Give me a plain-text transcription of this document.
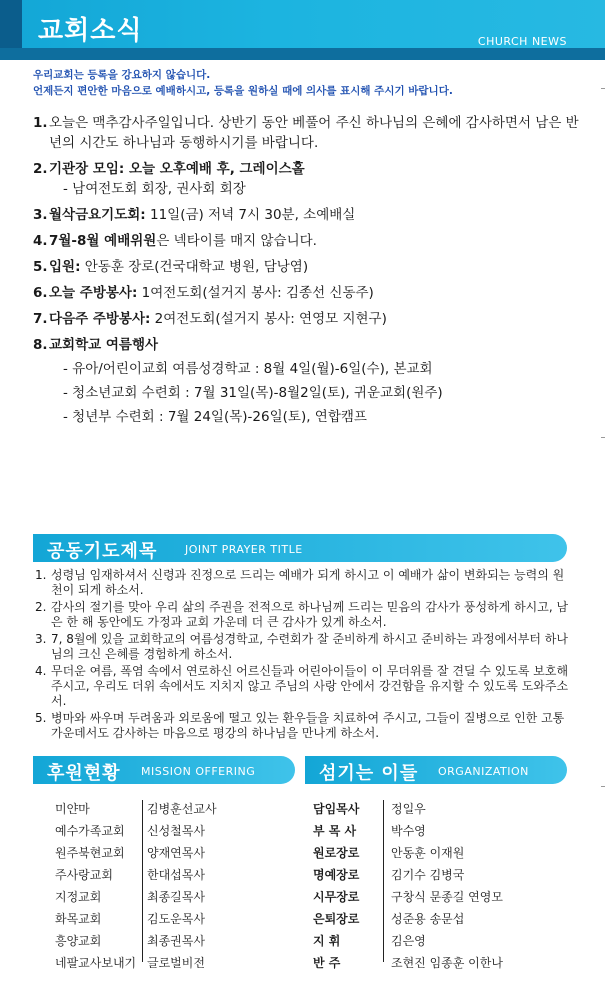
교회소식	CHURCH NEWS
우리교회는 등록을 강요하지 않습니다.
언제든지 편안한 마음으로 예배하시고, 등록을 원하실 때에 의사를 표시해 주시기 바랍니다.
1. 오늘은 맥추감사주일입니다. 상반기 동안 베풀어 주신 하나님의 은혜에 감사하면서 남은 반 년의 시간도 하나님과 동행하시기를 바랍니다.
2. 기관장 모임: 오늘 오후예배 후, 그레이스홀
- 남여전도회 회장, 권사회 회장
3. 월삭금요기도회: 11일(금) 저녁 7시 30분, 소예배실
4. 7월-8월 예배위원은 넥타이를 매지 않습니다.
5. 입원: 안동훈 장로(건국대학교 병원, 담낭염)
6. 오늘 주방봉사: 1여전도회(설거지 봉사: 김종선 신동주)
7. 다음주 주방봉사: 2여전도회(설거지 봉사: 연영모 지현구)
8. 교회학교 여름행사
- 유아/어린이교회 여름성경학교 : 8월 4일(월)-6일(수), 본교회
- 청소년교회 수련회 : 7월 31일(목)-8월2일(토), 귀운교회(원주)
- 청년부 수련회 : 7월 24일(목)-26일(토), 연합캠프
공동기도제목	JOINT PRAYER TITLE
1. 성령님 임재하셔서 신령과 진정으로 드리는 예배가 되게 하시고 이 예배가 삶이 변화되는 능력의 원천이 되게 하소서.
2. 감사의 절기를 맞아 우리 삶의 주권을 전적으로 하나님께 드리는 믿음의 감사가 풍성하게 하시고, 남은 한 해 동안에도 가정과 교회 가운데 더 큰 감사가 있게 하소서.
3. 7, 8월에 있을 교회학교의 여름성경학교, 수련회가 잘 준비하게 하시고 준비하는 과정에서부터 하나님의 크신 은혜를 경험하게 하소서.
4. 무더운 여름, 폭염 속에서 연로하신 어르신들과 어린아이들이 이 무더위를 잘 견딜 수 있도록 보호해 주시고, 우리도 더위 속에서도 지치지 않고 주님의 사랑 안에서 강건함을 유지할 수 있도록 도와주소서.
5. 병마와 싸우며 두려움과 외로움에 떨고 있는 환우들을 치료하여 주시고, 그들이 질병으로 인한 고통 가운데서도 감사하는 마음으로 평강의 하나님을 만나게 하소서.
후원현황 MISSION OFFERING	섬기는 이들 ORGANIZATION
미얀마	김병훈선교사
예수가족교회	신성철목사
원주북현교회	양재연목사
주사랑교회	한대섭목사
지정교회	최종길목사
화목교회	김도운목사
흥양교회	최종권목사
네팔교사보내기 글로벌비전
담임목사	정일우
부 목 사	박수영
원로장로	안동훈 이재원
명예장로	김기수 김병국
시무장로	구창식 문종길 연영모
은퇴장로	성준용 송문섭
지 휘	김은영
반 주	조현진 임종훈 이한나
